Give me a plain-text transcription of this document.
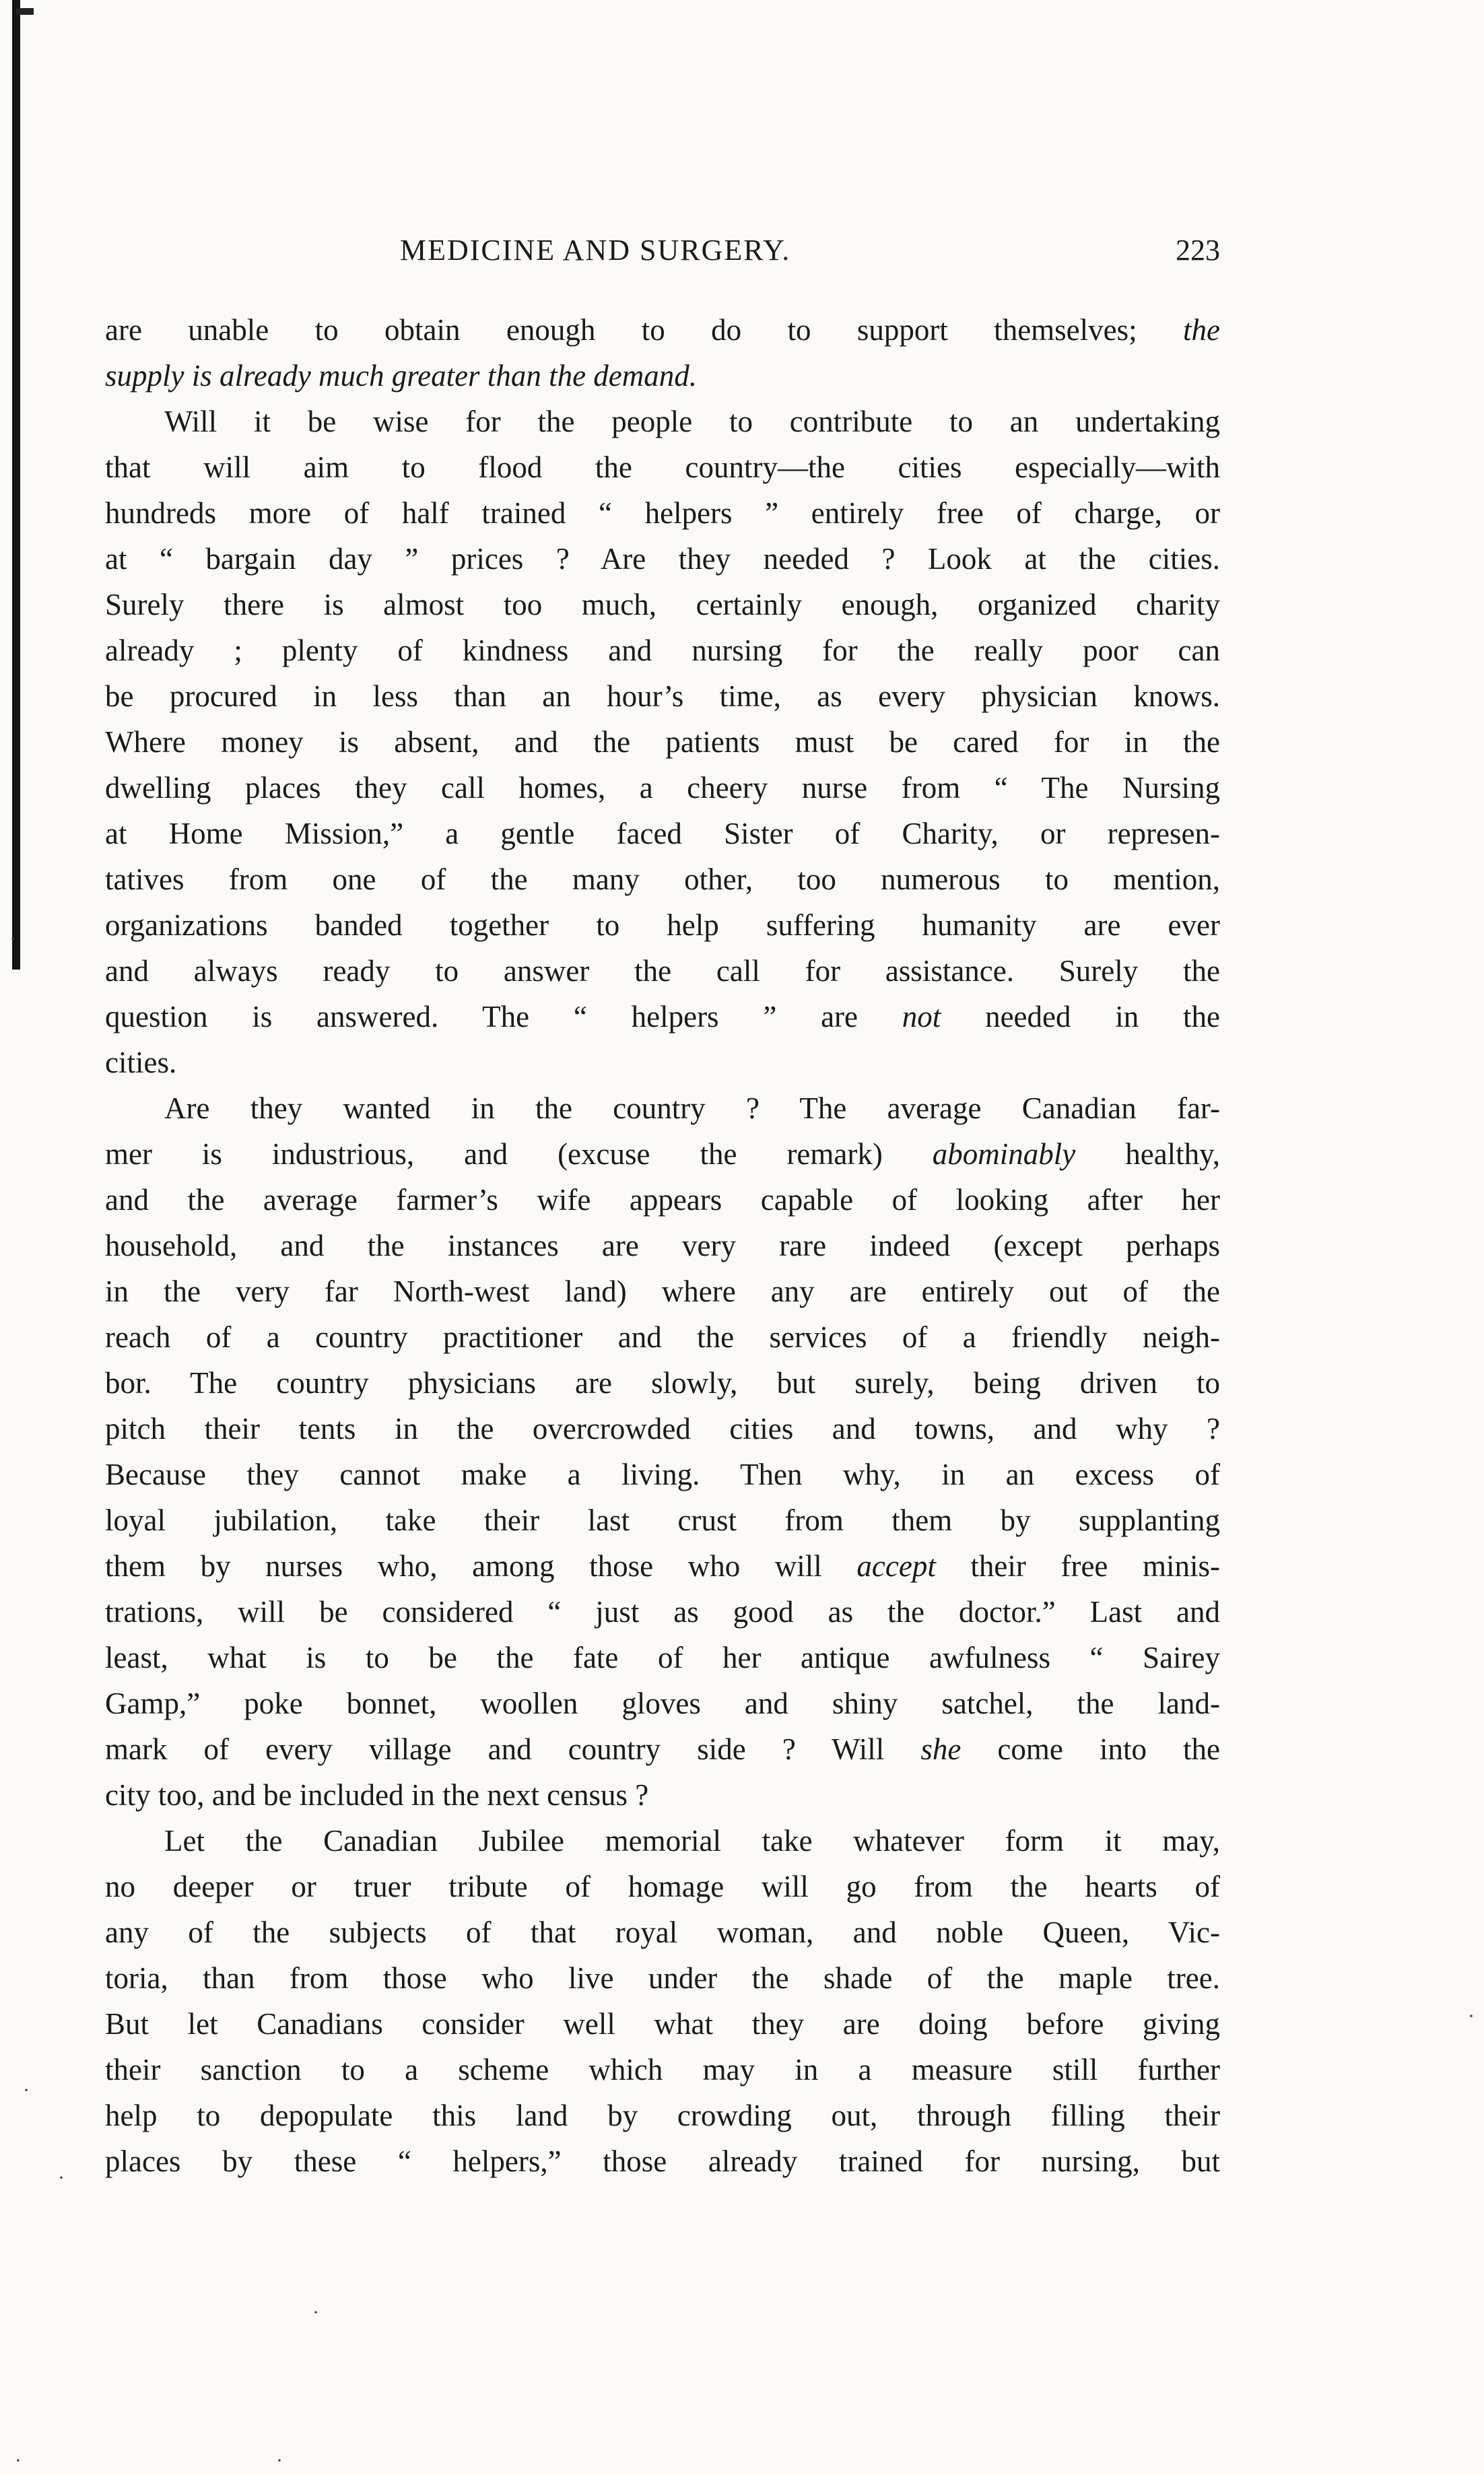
MEDICINE AND SURGERY.	223
are unable to obtain enough to do to support themselves; the
supply is already much greater than the demand.
Will it be wise for the people to contribute to an undertaking
that will aim to flood the country—the cities especially—with
hundreds more of half trained “ helpers ” entirely free of charge, or
at “ bargain day ” prices ? Are they needed ? Look at the cities.
Surely there is almost too much, certainly enough, organized charity
already ; plenty of kindness and nursing for the really poor can
be procured in less than an hour’s time, as every physician knows.
Where money is absent, and the patients must be cared for in the
dwelling places they call homes, a cheery nurse from “ The Nursing
at Home Mission,” a gentle faced Sister of Charity, or represen-
tatives from one of the many other, too numerous to mention,
organizations banded together to help suffering humanity are ever
and always ready to answer the call for assistance. Surely the
question is answered. The “ helpers ” are not needed in the
cities.
Are they wanted in the country ? The average Canadian far-
mer is industrious, and (excuse the remark) abominably healthy,
and the average farmer’s wife appears capable of looking after her
household, and the instances are very rare indeed (except perhaps
in the very far North-west land) where any are entirely out of the
reach of a country practitioner and the services of a friendly neigh-
bor. The country physicians are slowly, but surely, being driven to
pitch their tents in the overcrowded cities and towns, and why ?
Because they cannot make a living. Then why, in an excess of
loyal jubilation, take their last crust from them by supplanting
them by nurses who, among those who will accept their free minis-
trations, will be considered “ just as good as the doctor.” Last and
least, what is to be the fate of her antique awfulness “ Sairey
Gamp,” poke bonnet, woollen gloves and shiny satchel, the land-
mark of every village and country side ? Will she come into the
city too, and be included in the next census ?
Let the Canadian Jubilee memorial take whatever form it may,
no deeper or truer tribute of homage will go from the hearts of
any of the subjects of that royal woman, and noble Queen, Vic-
toria, than from those who live under the shade of the maple tree.
But let Canadians consider well what they are doing before giving
their sanction to a scheme which may in a measure still further
help to depopulate this land by crowding out, through filling their
places by these “ helpers,” those already trained for nursing, but
·
·
·
·
·
·	·
